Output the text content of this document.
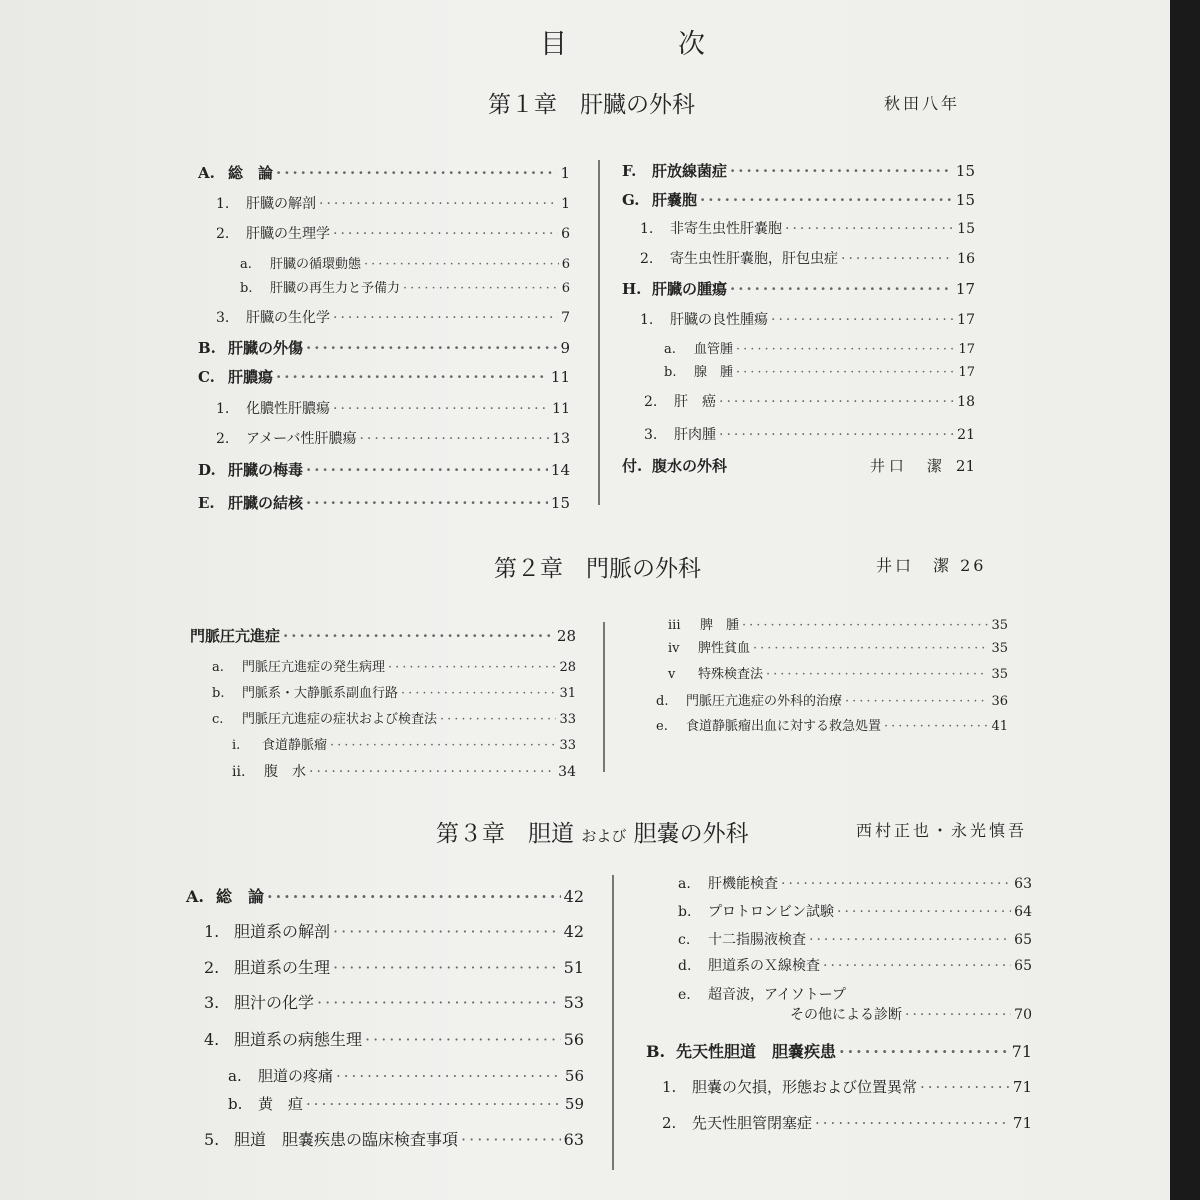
目　次
第１章　肝臓の外科	秋田八年
A. 総　論 ·····	1
1.	肝臓の解剖 ·····	1
2.	肝臓の生理学 ·····	6
a.	肝臓の循環動態 ·····	6
b.	肝臓の再生力と予備力 ·····	6
3.	肝臓の生化学 ·····	7
B. 肝臓の外傷 ·····	9
C. 肝膿瘍 ·····	11
1.	化膿性肝膿瘍 ·····	11
2.	アメーバ性肝膿瘍 ·····	13
D. 肝臓の梅毒 ·····	14
E. 肝臓の結核 ·····	15
F.	肝放線菌症 ·····	15
G. 肝嚢胞 ·····	15
1.	非寄生虫性肝嚢胞 ·····	15
2.	寄生虫性肝嚢胞，肝包虫症 ·····	16
H. 肝臓の腫瘍 ·····	17
1.	肝臓の良性腫瘍 ·····	17
a.	血管腫 ·····	17
b.	腺　腫 ·····	17
2.	肝　癌 ·····	18
3.	肝肉腫 ·····	21
付. 腹水の外科	井口　潔 21
第２章　門脈の外科	井口　潔 26
門脈圧亢進症 ·····	28
a.	門脈圧亢進症の発生病理 ·····	28
b.	門脈系・大静脈系副血行路 ·····	31
c.	門脈圧亢進症の症状および検査法 ·····	33
i.	食道静脈瘤 ·····	33
ii.	腹　水 ·····	34
iii	脾　腫 ·····	35
iv	脾性貧血 ·····	35
v	特殊検査法 ·····	35
d.	門脈圧亢進症の外科的治療 ·····	36
e.	食道静脈瘤出血に対する救急処置 ·····	41
第３章　胆道 および 胆嚢の外科	西村正也・永光慎吾
A. 総　論 ·····	42
1. 胆道系の解剖 ·····	42
2. 胆道系の生理 ·····	51
3. 胆汁の化学 ·····	53
4. 胆道系の病態生理 ·····	56
a.	胆道の疼痛 ·····	56
b.	黄　疸 ·····	59
5. 胆道　胆嚢疾患の臨床検査事項 ·····	63
a.	肝機能検査 ·····	63
b.	プロトロンビン試験 ·····	64
c.	十二指腸液検査 ·····	65
d.	胆道系のＸ線検査 ·····	65
e.	超音波，アイソトープ
その他による診断 ·····	70
B. 先天性胆道　胆嚢疾患 ·····	71
1.	胆嚢の欠損，形態および位置異常 ·····	71
2.	先天性胆管閉塞症 ·····	71
